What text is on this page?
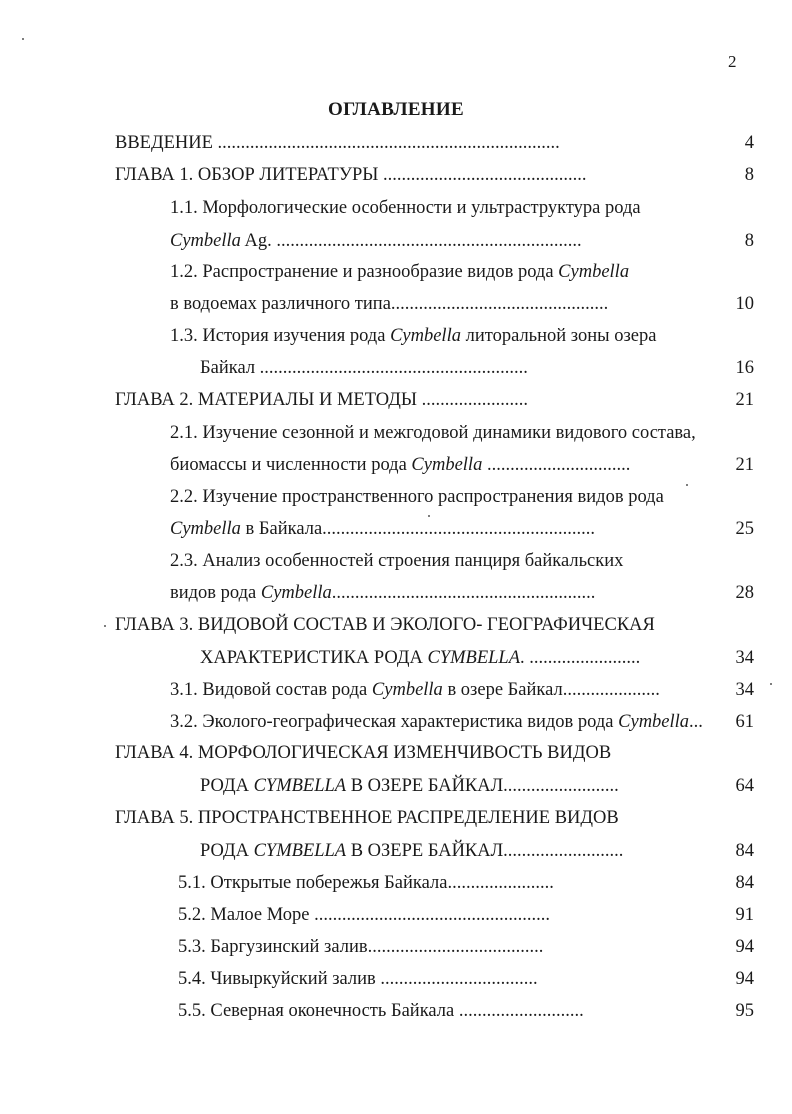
2
ОГЛАВЛЕНИЕ
ВВЕДЕНИЕ ..........................................................................	4
ГЛАВА 1. ОБЗОР ЛИТЕРАТУРЫ ............................................	8
1.1. Морфологические особенности и ультраструктура рода
Cymbella Ag. ..................................................................	8
1.2. Распространение и разнообразие видов рода Cymbella
в водоемах различного типа...............................................	10
1.3. История изучения рода Cymbella литоральной зоны озера
Байкал ..........................................................	16
ГЛАВА 2. МАТЕРИАЛЫ И МЕТОДЫ .......................	21
2.1. Изучение сезонной и межгодовой динамики видового состава,
биомассы и численности рода Cymbella ...............................	21
2.2. Изучение пространственного распространения видов рода
Cymbella в Байкала...........................................................	25
2.3. Анализ особенностей строения панциря байкальских
видов рода Cymbella.........................................................	28
ГЛАВА 3. ВИДОВОЙ СОСТАВ И ЭКОЛОГО- ГЕОГРАФИЧЕСКАЯ
ХАРАКТЕРИСТИКА РОДА CYMBELLA. ........................	34
3.1. Видовой состав рода Cymbella в озере Байкал.....................	34
3.2. Эколого-географическая характеристика видов рода Cymbella...	61
ГЛАВА 4. МОРФОЛОГИЧЕСКАЯ ИЗМЕНЧИВОСТЬ ВИДОВ
РОДА CYMBELLA В ОЗЕРЕ БАЙКАЛ.........................	64
ГЛАВА 5. ПРОСТРАНСТВЕННОЕ РАСПРЕДЕЛЕНИЕ ВИДОВ
РОДА CYMBELLA В ОЗЕРЕ БАЙКАЛ..........................	84
5.1. Открытые побережья Байкала.......................	84
5.2. Малое Море ...................................................	91
5.3. Баргузинский залив......................................	94
5.4. Чивыркуйский залив ..................................	94
5.5. Северная оконечность Байкала ...........................	95
